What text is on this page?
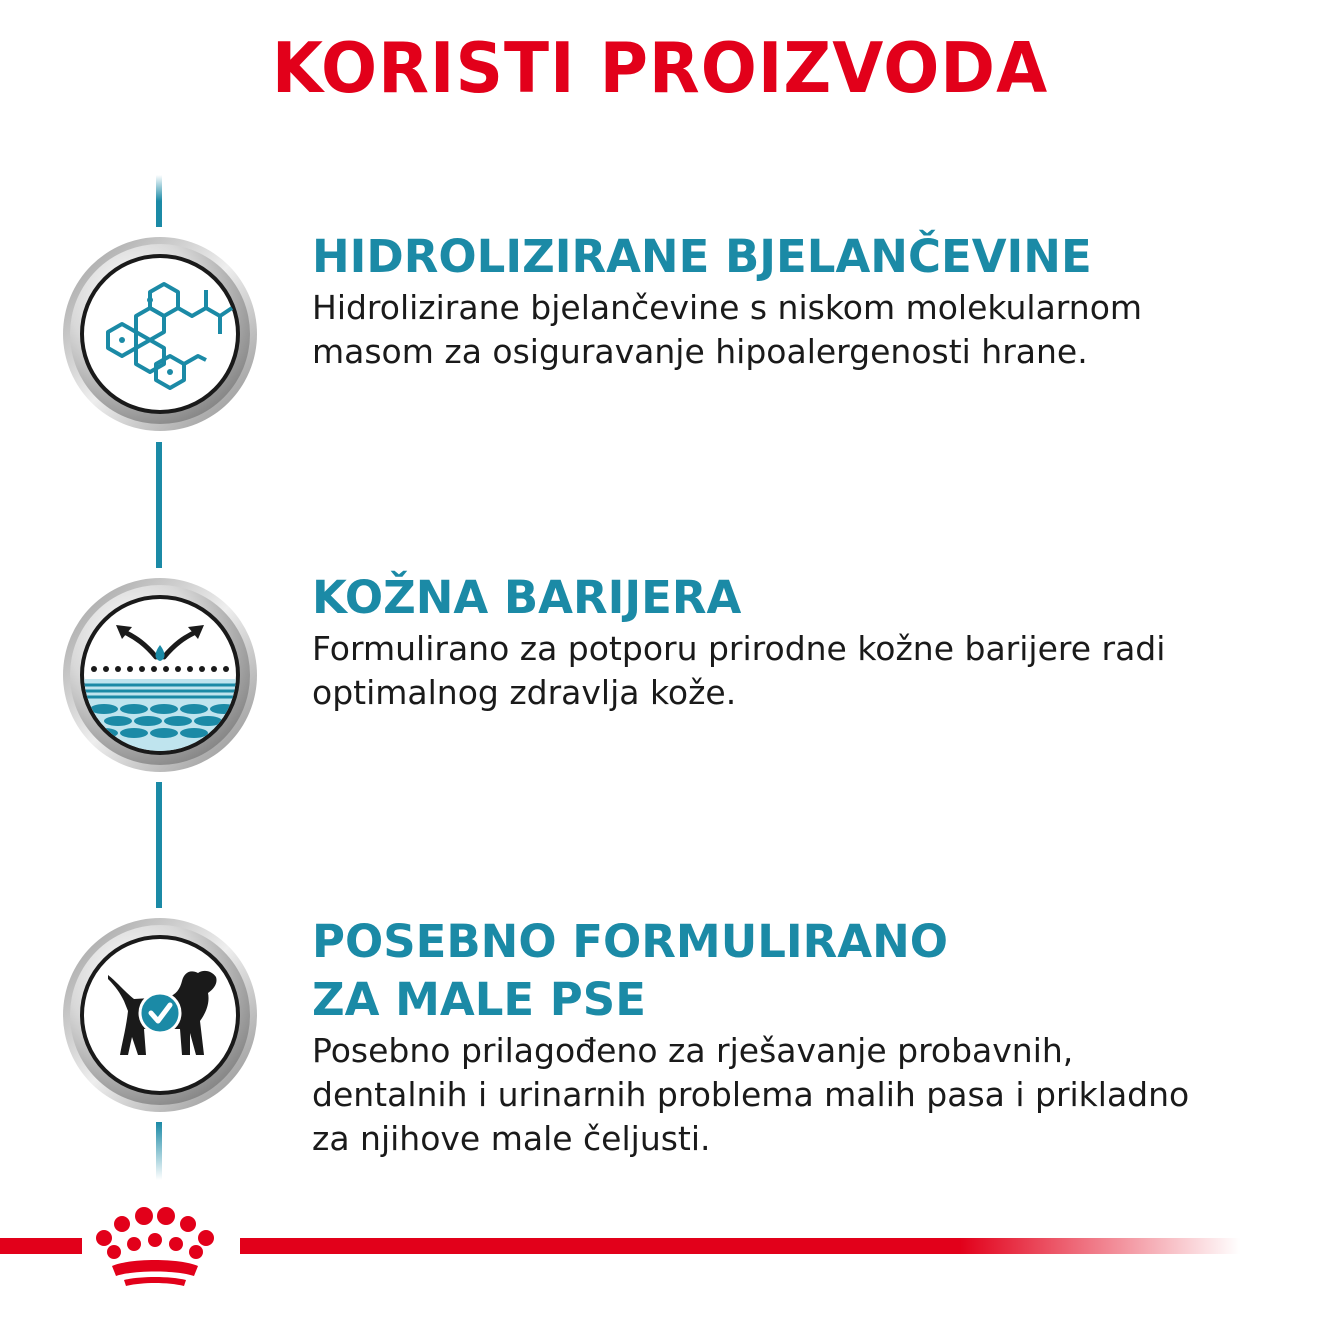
KORISTI PROIZVODA

HIDROLIZIRANE BJELANČEVINE

Hidrolizirane bjelančevine s niskom molekularnom

masom za osiguravanje hipoalergenosti hrane.

KOŽNA BARIJERA

Formulirano za potporu prirodne kožne barijere radi

optimalnog zdravlja kože.

POSEBNO FORMULIRANO

ZA MALE PSE

Posebno prilagođeno za rješavanje probavnih,

dentalnih i urinarnih problema malih pasa i prikladno

za njihove male čeljusti.
